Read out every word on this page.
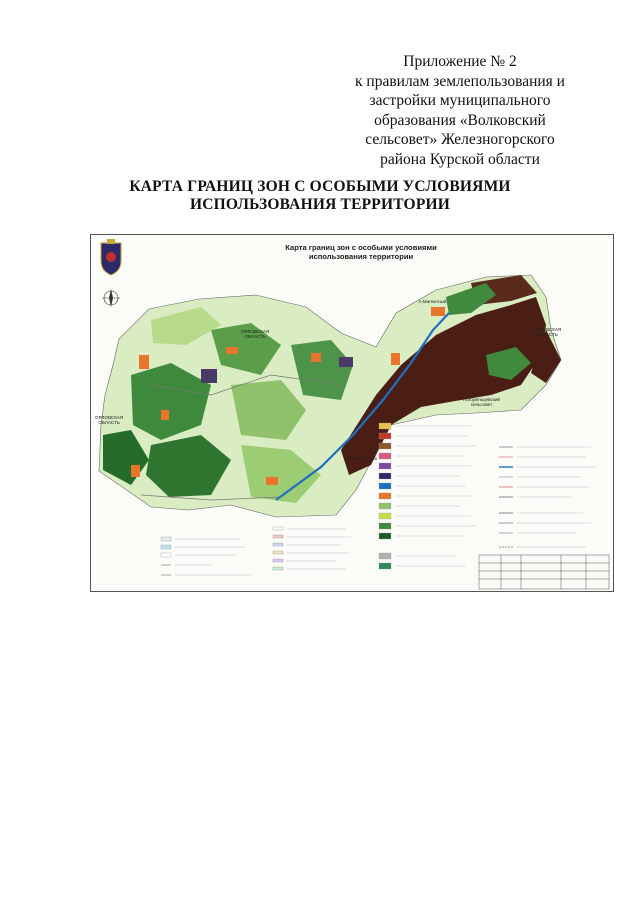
Приложение № 2
к правилам землепользования и
застройки муниципального
образования «Волковский
сельсовет» Железногорского
района Курской области
КАРТА ГРАНИЦ ЗОН С ОСОБЫМИ УСЛОВИЯМИ
ИСПОЛЬЗОВАНИЯ ТЕРРИТОРИИ
Карта границ зон с особыми условиями
использования территории
ОРЛОВСКАЯ
ОБЛАСТЬ
ОРЛОВСКАЯ
ОБЛАСТЬ
ОРЛОВСКАЯ
ОБЛАСТЬ
п.Магнитный
Погорельцевский
сельсовет
г.Железногорск
